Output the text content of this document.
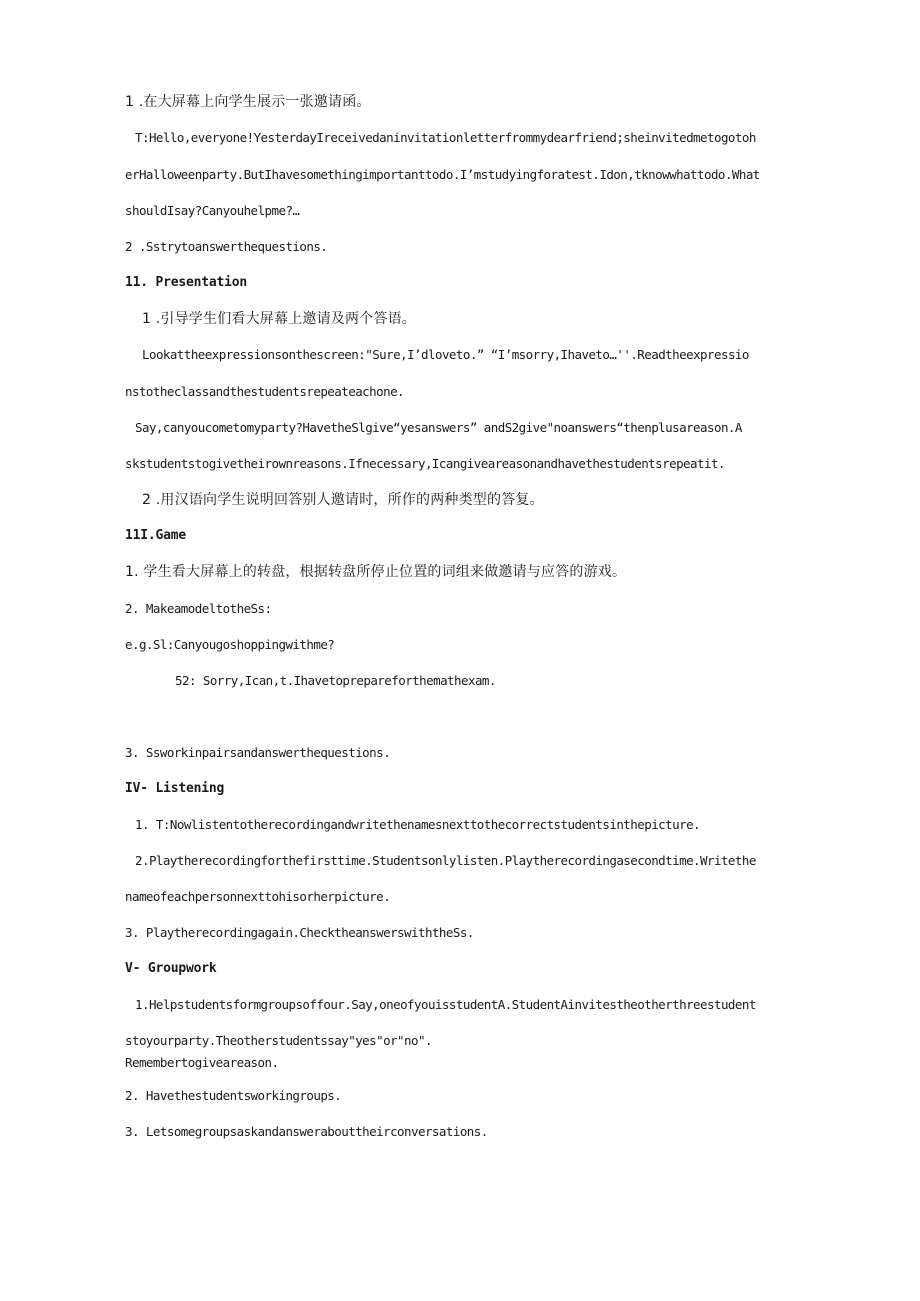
1 .在大屏幕上向学生展示一张邀请函。
T:Hello,everyone!YesterdayIreceivedaninvitationletterfrommydearfriend;sheinvitedmetogotoh
erHalloweenparty.ButIhavesomethingimportanttodo.I’mstudyingforatest.Idon,tknowwhattodo.What
shouldIsay?Canyouhelpme?…
2 .Sstrytoanswerthequestions.
11. Presentation
1 .引导学生们看大屏幕上邀请及两个答语。
Lookattheexpressionsonthescreen:"Sure,I’dloveto.” “I’msorry,Ihaveto…''.Readtheexpressio
nstotheclassandthestudentsrepeateachone.
Say,canyoucometomyparty?HavetheSlgive“yesanswers” andS2give"noanswers“thenplusareason.A
skstudentstogivetheirownreasons.Ifnecessary,Icangiveareasonandhavethestudentsrepeatit.
2 .用汉语向学生说明回答别人邀请时，所作的两种类型的答复。
11I.Game
1. 学生看大屏幕上的转盘，根据转盘所停止位置的词组来做邀请与应答的游戏。
2. MakeamodeltotheSs:
e.g.Sl:Canyougoshoppingwithme?
52: Sorry,Ican,t.Ihavetoprepareforthemathexam.
3. Ssworkinpairsandanswerthequestions.
IV- Listening
1. T:Nowlistentotherecordingandwritethenamesnexttothecorrectstudentsinthepicture.
2.Playtherecordingforthefirsttime.Studentsonlylisten.Playtherecordingasecondtime.Writethe
nameofeachpersonnexttohisorherpicture.
3. Playtherecordingagain.ChecktheanswerswiththeSs.
V- Groupwork
1.Helpstudentsformgroupsoffour.Say,oneofyouisstudentA.StudentAinvitestheotherthreestudent
stoyourparty.Theotherstudentssay"yes"or"no".
Remembertogiveareason.
2. Havethestudentsworkingroups.
3. Letsomegroupsaskandanswerabouttheirconversations.
